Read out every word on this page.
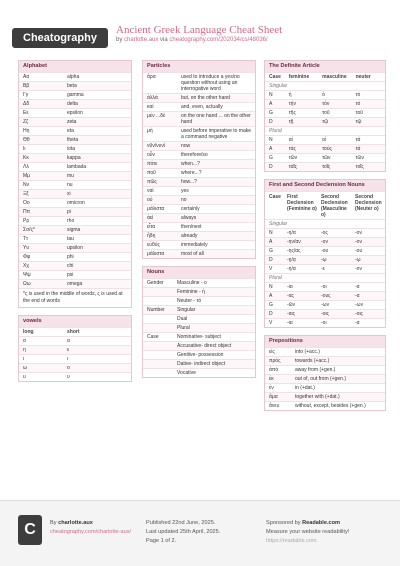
Cheatography
Ancient Greek Language Cheat Sheet
by charlotte.aux via cheatography.com/202034/cs/48036/
Alphabet
Αα	alpha
Ββ	beta
Γγ	gamma
Δδ	delta
Εε	epsilon
Ζζ	zeta
Ηη	eta
Θθ	theta
Ιι	iota
Κκ	kappa
Λλ	lambada
Μμ	mu
Νν	nu
Ξξ	xi
Οο	omicron
Ππ	pi
Ρρ	rho
Σσ/ς*	sigma
Ττ	tau
Υυ	upsilon
Φφ	phi
Χχ	chi
Ψψ	psi
Ωω	omega
*ς is used in the middle of words, ς is used at the end of words
vowels
long	short
α	α
η	ε
ι	ι
ω	ο
υ	υ
Particles
ἄρα	used to introduce a yes/no question without using an interrogative word
ἀλλά	but, on the other hand
καί	and, even, actually
μέν ...δέ	on the one hand ... on the other hand
μή	used before imperative to make a command negative
νῦν/νυνί	now
οὖν	therefore/so
πότε	when...?
ποῦ	where...?
πῶς	how...?
ναί	yes
οὐ	no
μάλιστα	certainly
ἀεί	always
εἶτα	then/next
ἤδη	already
εὐθύς	immediately
μάλιστα	most of all
Nouns
Gender	Masculine - ο
Feminine - ἡ
Neuter - τό
Number	Singular
Dual
Plural
Case	Nominative- subject
Accusative- direct object
Genitive- possession
Dative- indirect object
Vocative
The Definite Article
Case	feminine	masculine	neuter
Singular
N	ἡ	ὁ	τό
A	τήν	τόν	τό
G	τῆς	τοῦ	τοῦ
D	τῇ	τῷ	τῷ
Plural
N	αἱ	οἱ	τά
A	τάς	τούς	τά
G	τῶν	τῶν	τῶν
D	ταῖς	τοῖς	τοῖς
First and Second Declension Nouns
Case	First Declension (Feminine α)
Second Declension (Masculine ο)
Second Declension (Neuter ο)
Singular
N	-η/α	-ος	-ον
A	-ην/αν	-ον	-ον
G	-ης/ας	-ου	-ου
D	-ῃ/ᾳ	-ῳ	-ῳ
V	-η/α	-ε	-ον
Plural
N	-αι	-οι	-α
A	-ας	-ους	-α
G	-ῶν	-ων	-ων
D	-αις	-οις	-οις
V	-αι	-οι	-α
Prepositions
εἰς	into (+acc.)
πρός	towards (+acc.)
ἀπό	away from (+gen.)
ἐκ	out of, out from (+gen.)
ἐν	in (+dat.)
ἅμα	together with (+dat.)
ἄνευ	without, except, besides (+gen.)
C	By charlotte.aux
cheatography.com/charlotte-aux/
Published 22nd June, 2025.
Last updated 25th April, 2025.
Page 1 of 2.
Sponsored by Readable.com
Measure your website readability!
https://readable.com
